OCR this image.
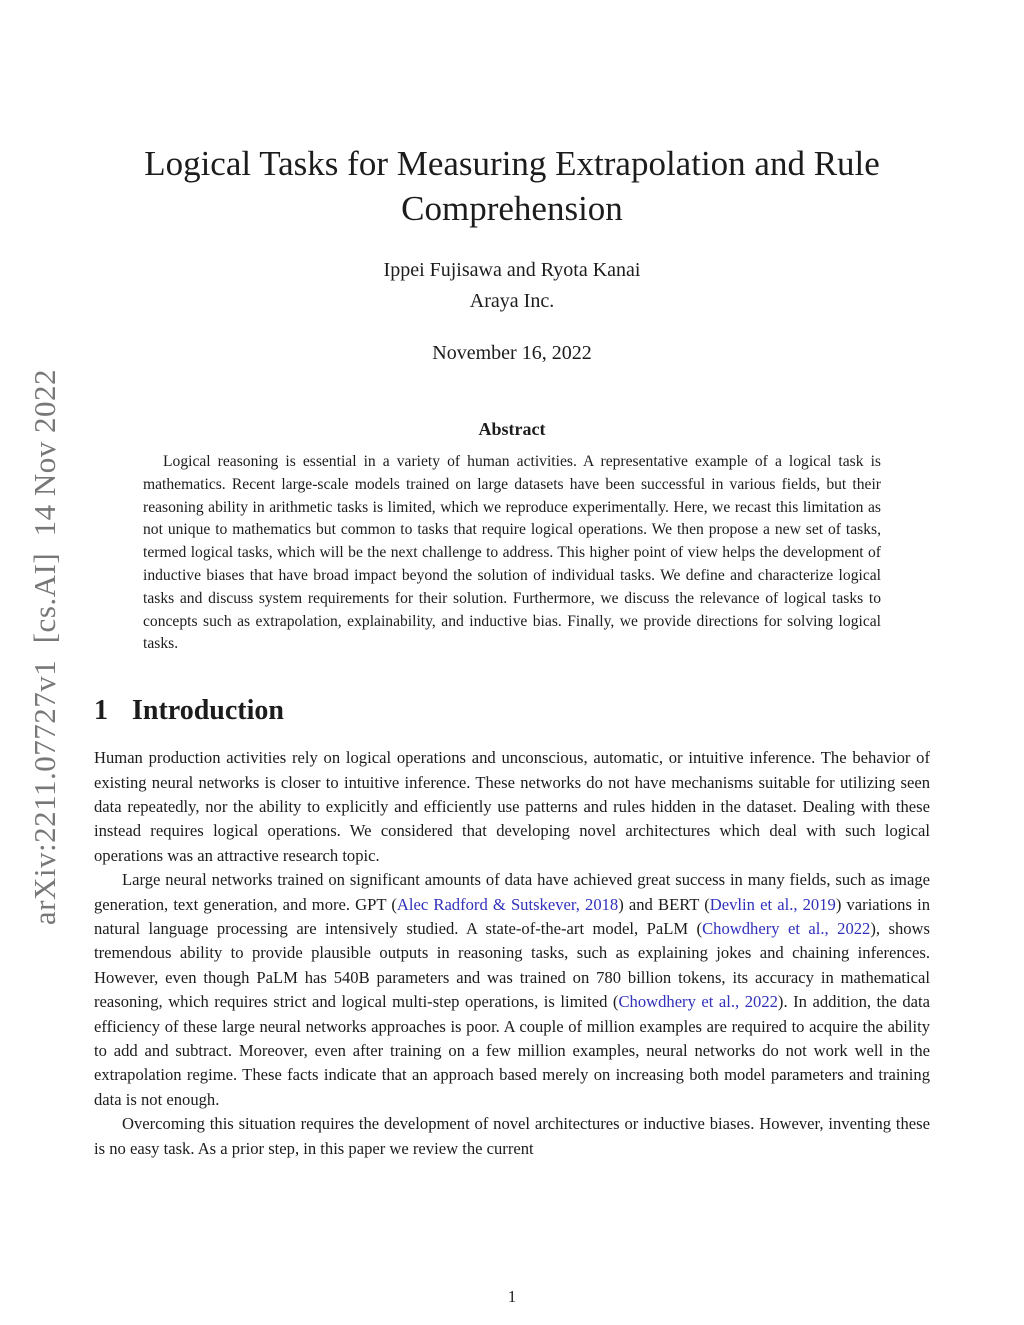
arXiv:2211.07727v1  [cs.AI]  14 Nov 2022
Logical Tasks for Measuring Extrapolation and Rule Comprehension
Ippei Fujisawa and Ryota Kanai
Araya Inc.
November 16, 2022
Abstract

Logical reasoning is essential in a variety of human activities. A representative example of a logical task is mathematics. Recent large-scale models trained on large datasets have been successful in various fields, but their reasoning ability in arithmetic tasks is limited, which we reproduce experimentally. Here, we recast this limitation as not unique to mathematics but common to tasks that require logical operations. We then propose a new set of tasks, termed logical tasks, which will be the next challenge to address. This higher point of view helps the development of inductive biases that have broad impact beyond the solution of individual tasks. We define and characterize logical tasks and discuss system requirements for their solution. Furthermore, we discuss the relevance of logical tasks to concepts such as extrapolation, explainability, and inductive bias. Finally, we provide directions for solving logical tasks.

1 Introduction

Human production activities rely on logical operations and unconscious, automatic, or intuitive inference. The behavior of existing neural networks is closer to intuitive inference. These networks do not have mechanisms suitable for utilizing seen data repeatedly, nor the ability to explicitly and efficiently use patterns and rules hidden in the dataset. Dealing with these instead requires logical operations. We considered that developing novel architectures which deal with such logical operations was an attractive research topic.

Large neural networks trained on significant amounts of data have achieved great success in many fields, such as image generation, text generation, and more. GPT (Alec Radford & Sutskever, 2018) and BERT (Devlin et al., 2019) variations in natural language processing are intensively studied. A state-of-the-art model, PaLM (Chowdhery et al., 2022), shows tremendous ability to provide plausible outputs in reasoning tasks, such as explaining jokes and chaining inferences. However, even though PaLM has 540B parameters and was trained on 780 billion tokens, its accuracy in mathematical reasoning, which requires strict and logical multi-step operations, is limited (Chowdhery et al., 2022). In addition, the data efficiency of these large neural networks approaches is poor. A couple of million examples are required to acquire the ability to add and subtract. Moreover, even after training on a few million examples, neural networks do not work well in the extrapolation regime. These facts indicate that an approach based merely on increasing both model parameters and training data is not enough.

Overcoming this situation requires the development of novel architectures or inductive biases. However, inventing these is no easy task. As a prior step, in this paper we review the current

1
